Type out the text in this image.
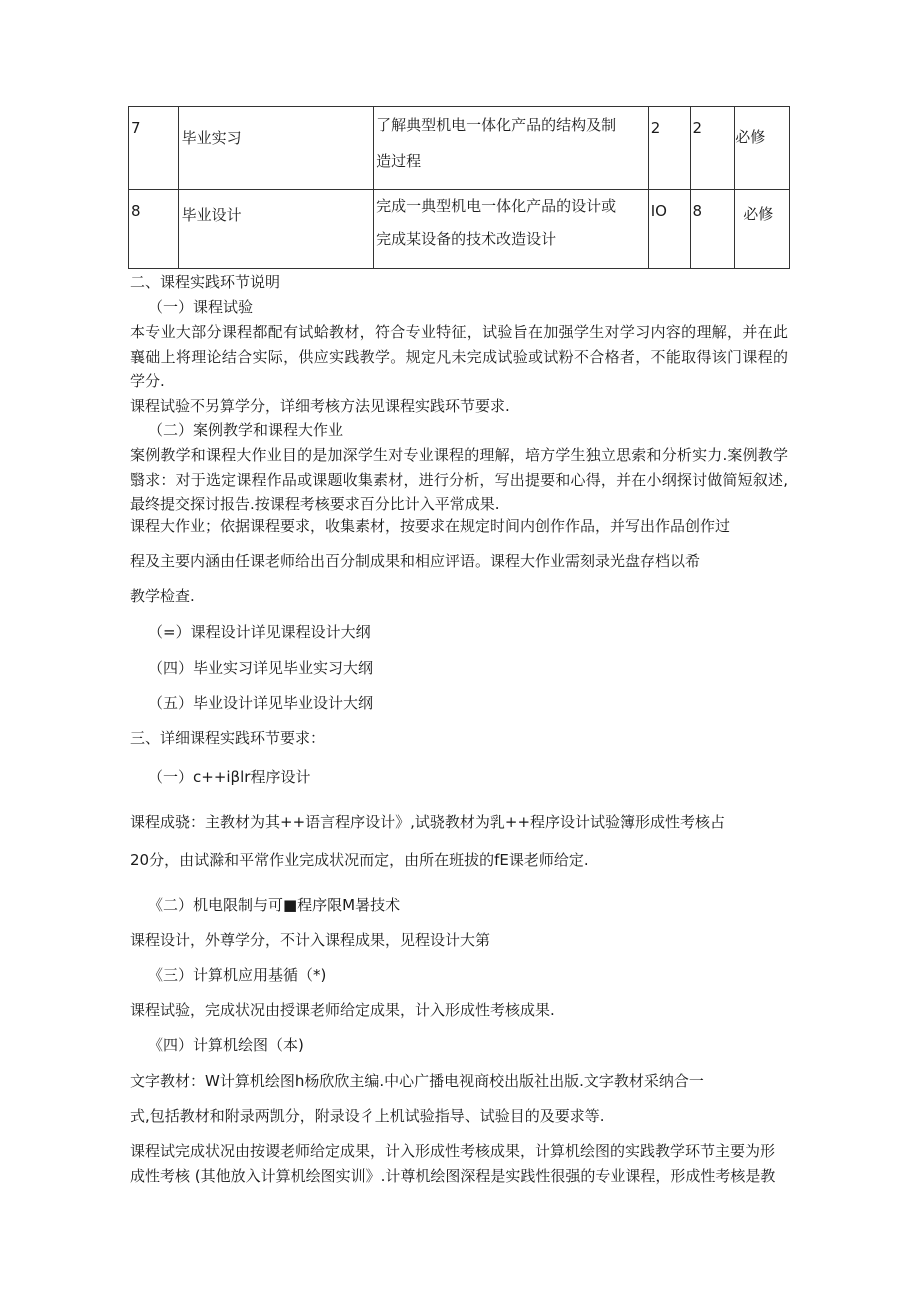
7	毕业实习	了解典型机电一体化产品的结构及制
造过程	2	2	必修

8	毕业设计	完成一典型机电一体化产品的设计或
完成某设备的技术改造设计	IO	8	必修
二、课程实践环节说明
（一）课程试验
本专业大部分课程都配有试蛤教材，符合专业特征，试验旨在加强学生对学习内容的理解，并在此襄础上将理论结合实际，供应实践教学。规定凡未完成试验或试粉不合格者，不能取得该门课程的学分.
课程试验不另算学分，详细考核方法见课程实践环节要求.
（二）案例教学和课程大作业
案例教学和课程大作业目的是加深学生对专业课程的理解，培方学生独立思索和分析实力.案例教学翳求：对于选定课程作品或课题收集素材，进行分析，写出提要和心得，并在小纲探讨做简短叙述,最终提交探讨报告.按课程考核要求百分比计入平常成果.
课程大作业；依据课程要求，收集素材，按要求在规定时间内创作作品，并写出作品创作过
程及主要内涵由任课老师给出百分制成果和相应评语。课程大作业需刻录光盘存档以希
教学检查.
（=）课程设计详见课程设计大纲
（四）毕业实习详见毕业实习大纲
（五）毕业设计详见毕业设计大纲
三、详细课程实践环节要求：
（一）c++iβlr程序设计
课程成骁：主教材为其++语言程序设计》,试骁教材为乳++程序设计试验簿形成性考核占
20分，由试滁和平常作业完成状况而定，由所在班拔的fE课老师给定.
《二）机电限制与可■程序限M暑技术
课程设计，外尊学分，不计入课程成果，见程设计大第
《三）计算机应用基循（*)
课程试验，完成状况由授课老师给定成果，计入形成性考核成果.
《四）计算机绘图（本)
文字教材：W计算机绘图h杨欣欣主编.中心广播电视商校出版社出版.文字教材采纳合一
式,包括教材和附录两凯分，附录设彳上机试验指导、试验目的及要求等.
课程试完成状况由按谡老师给定成果，计入形成性考核成果，计算机绘图的实践教学环节主要为形
成性考核 (其他放入计算机绘图实训》.计尊机绘图深程是实践性很强的专业课程，形成性考核是教
